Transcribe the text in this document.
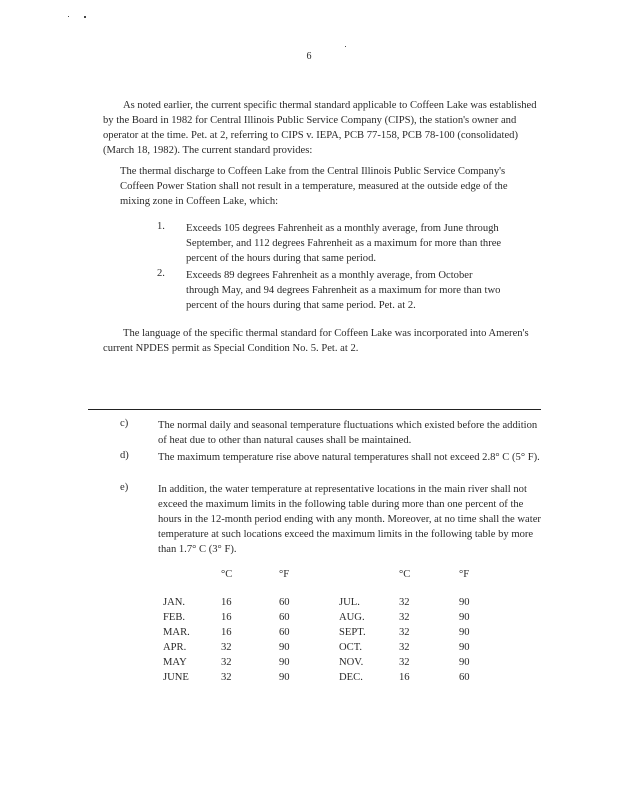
6
As noted earlier, the current specific thermal standard applicable to Coffeen Lake was established by the Board in 1982 for Central Illinois Public Service Company (CIPS), the station's owner and operator at the time. Pet. at 2, referring to CIPS v. IEPA, PCB 77-158, PCB 78-100 (consolidated) (March 18, 1982). The current standard provides:
The thermal discharge to Coffeen Lake from the Central Illinois Public Service Company's Coffeen Power Station shall not result in a temperature, measured at the outside edge of the mixing zone in Coffeen Lake, which:
1. Exceeds 105 degrees Fahrenheit as a monthly average, from June through September, and 112 degrees Fahrenheit as a maximum for more than three percent of the hours during that same period.
2. Exceeds 89 degrees Fahrenheit as a monthly average, from October through May, and 94 degrees Fahrenheit as a maximum for more than two percent of the hours during that same period. Pet. at 2.
The language of the specific thermal standard for Coffeen Lake was incorporated into Ameren's current NPDES permit as Special Condition No. 5. Pet. at 2.
c)	The normal daily and seasonal temperature fluctuations which existed before the addition of heat due to other than natural causes shall be maintained.
d)	The maximum temperature rise above natural temperatures shall not exceed 2.8° C (5° F).
e)	In addition, the water temperature at representative locations in the main river shall not exceed the maximum limits in the following table during more than one percent of the hours in the 12-month period ending with any month. Moreover, at no time shall the water temperature at such locations exceed the maximum limits in the following table by more than 1.7° C (3° F).
	°C	°F		°C	°F

JAN.	16	60	JUL.	32	90
FEB.	16	60	AUG.	32	90
MAR.	16	60	SEPT.	32	90
APR.	32	90	OCT.	32	90
MAY	32	90	NOV.	32	90
JUNE	32	90	DEC.	16	60
